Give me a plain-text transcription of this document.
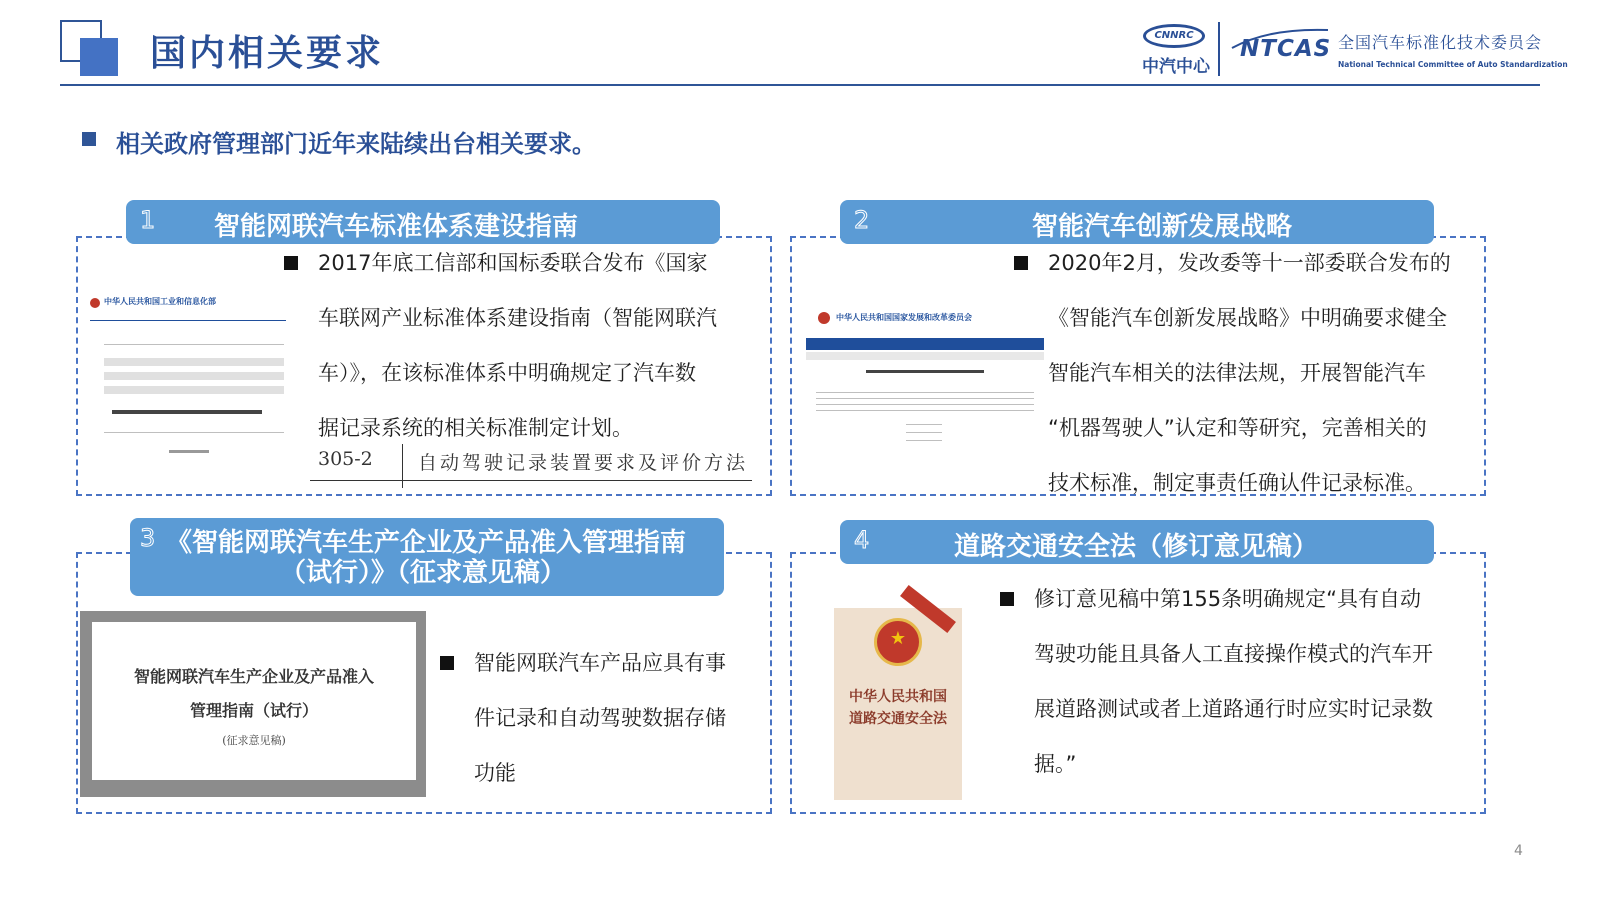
国内相关要求	CNNRC
中汽中心
NTCAS 全国汽车标准化技术委员会
National Technical Committee of Auto Standardization
相关政府管理部门近年来陆续出台相关要求。
1 智能网联汽车标准体系建设指南
中华人民共和国工业和信息化部
2017年底工信部和国标委联合发布《国家
车联网产业标准体系建设指南（智能网联汽
车）》，在该标准体系中明确规定了汽车数
据记录系统的相关标准制定计划。
305-2 自动驾驶记录装置要求及评价方法
2	智能汽车创新发展战略
中华人民共和国国家发展和改革委员会
2020年2月，发改委等十一部委联合发布的
《智能汽车创新发展战略》中明确要求健全
智能汽车相关的法律法规，开展智能汽车
“机器驾驶人”认定和等研究，完善相关的
技术标准，制定事责任确认件记录标准。
3 《智能网联汽车生产企业及产品准入管理指南
（试行）》（征求意见稿）
智能网联汽车生产企业及产品准入
管理指南（试行）
(征求意见稿)
智能网联汽车产品应具有事
件记录和自动驾驶数据存储
功能
4	道路交通安全法（修订意见稿）
★
中华人民共和国
道路交通安全法
修订意见稿中第155条明确规定“具有自动
驾驶功能且具备人工直接操作模式的汽车开
展道路测试或者上道路通行时应实时记录数
据。”
4
